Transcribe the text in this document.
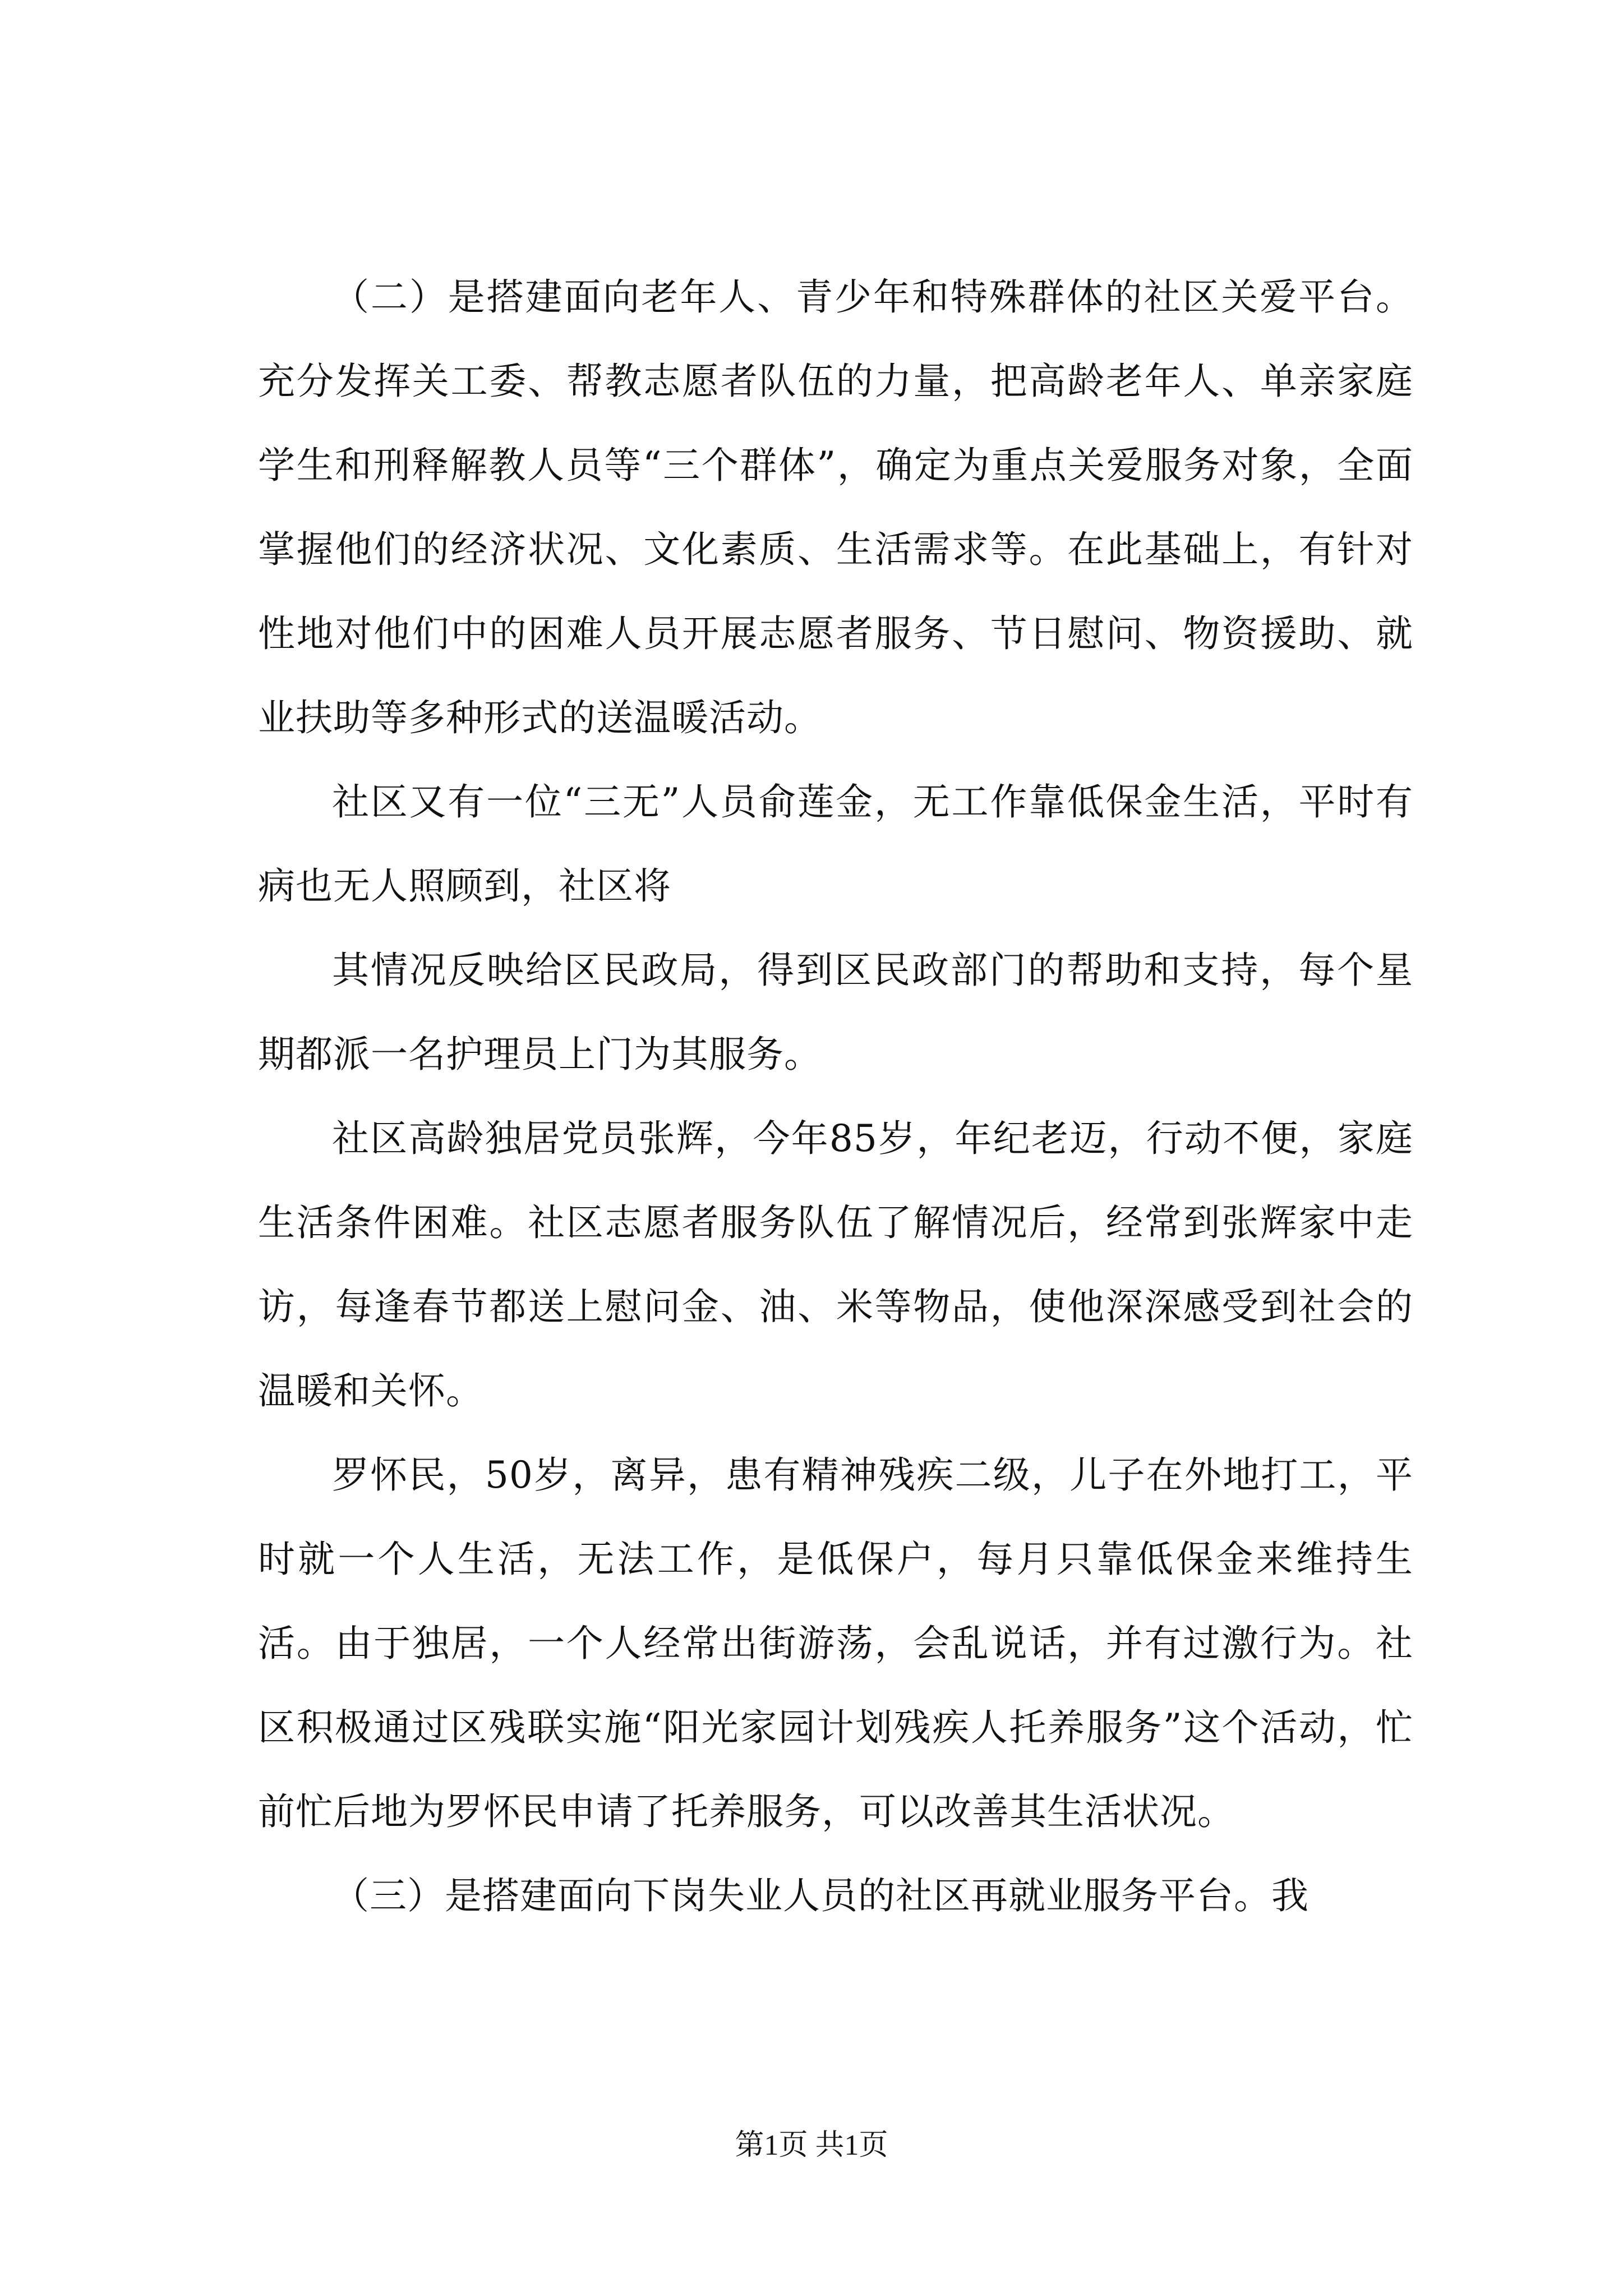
（二）是搭建面向老年人、青少年和特殊群体的社区关爱平台。充分发挥关工委、帮教志愿者队伍的力量，把高龄老年人、单亲家庭学生和刑释解教人员等“三个群体”，确定为重点关爱服务对象，全面掌握他们的经济状况、文化素质、生活需求等。在此基础上，有针对性地对他们中的困难人员开展志愿者服务、节日慰问、物资援助、就业扶助等多种形式的送温暖活动。

社区又有一位“三无”人员俞莲金，无工作靠低保金生活，平时有病也无人照顾到，社区将

其情况反映给区民政局，得到区民政部门的帮助和支持，每个星期都派一名护理员上门为其服务。

社区高龄独居党员张辉，今年85岁，年纪老迈，行动不便，家庭生活条件困难。社区志愿者服务队伍了解情况后，经常到张辉家中走访，每逢春节都送上慰问金、油、米等物品，使他深深感受到社会的温暖和关怀。

罗怀民，50岁，离异，患有精神残疾二级，儿子在外地打工，平时就一个人生活，无法工作，是低保户，每月只靠低保金来维持生活。由于独居，一个人经常出街游荡，会乱说话，并有过激行为。社区积极通过区残联实施“阳光家园计划残疾人托养服务”这个活动，忙前忙后地为罗怀民申请了托养服务，可以改善其生活状况。

（三）是搭建面向下岗失业人员的社区再就业服务平台。我

第1页 共1页
